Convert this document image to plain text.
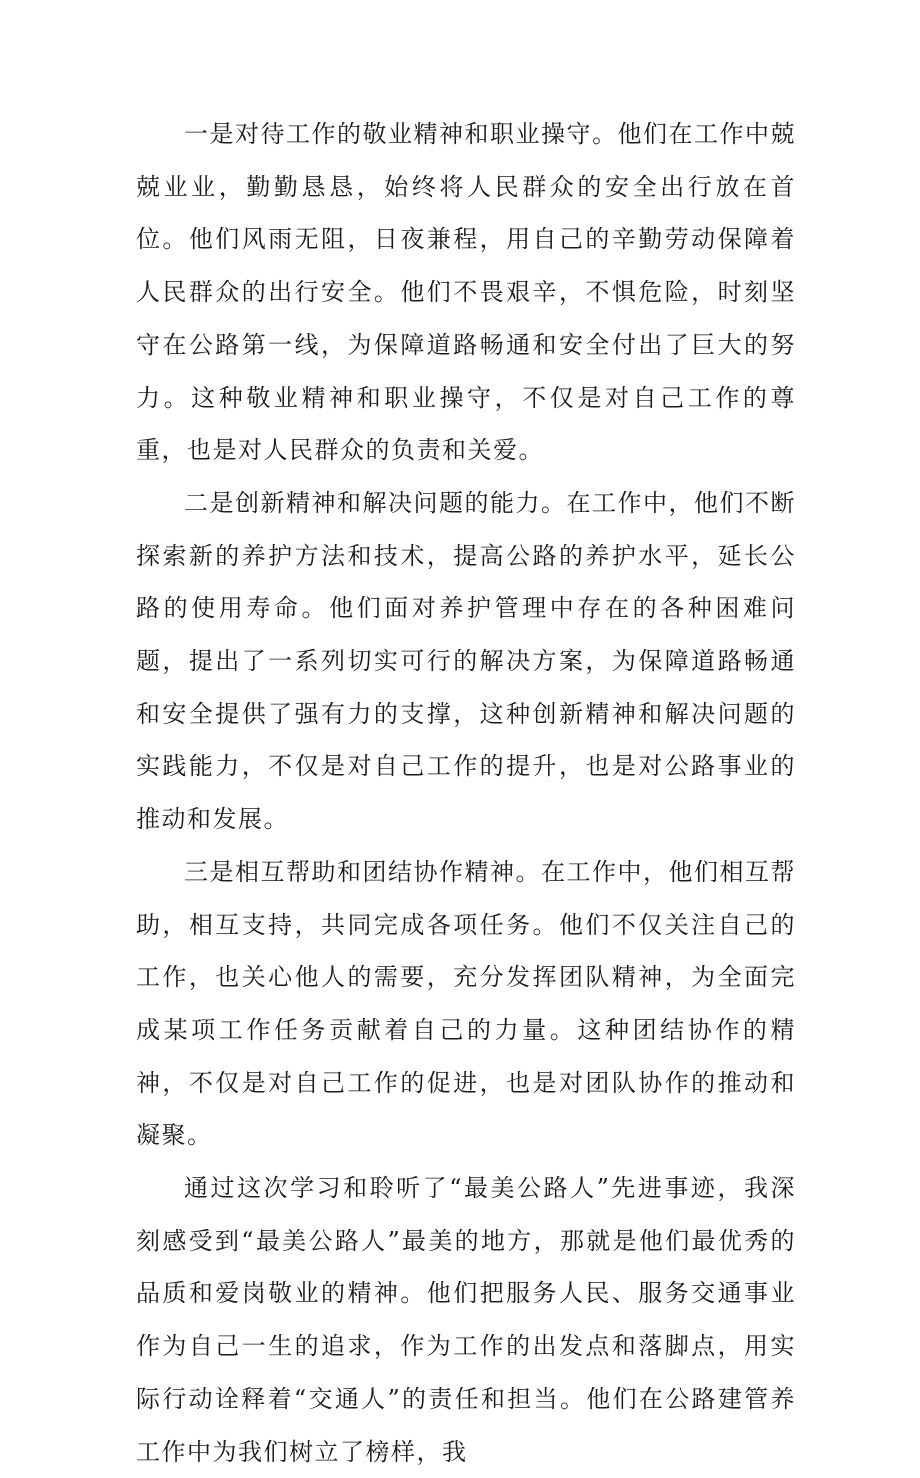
一是对待工作的敬业精神和职业操守。他们在工作中兢兢业业，勤勤恳恳，始终将人民群众的安全出行放在首位。他们风雨无阻，日夜兼程，用自己的辛勤劳动保障着人民群众的出行安全。他们不畏艰辛，不惧危险，时刻坚守在公路第一线，为保障道路畅通和安全付出了巨大的努力。这种敬业精神和职业操守，不仅是对自己工作的尊重，也是对人民群众的负责和关爱。

二是创新精神和解决问题的能力。在工作中，他们不断探索新的养护方法和技术，提高公路的养护水平，延长公路的使用寿命。他们面对养护管理中存在的各种困难问题，提出了一系列切实可行的解决方案，为保障道路畅通和安全提供了强有力的支撑，这种创新精神和解决问题的实践能力，不仅是对自己工作的提升，也是对公路事业的推动和发展。

三是相互帮助和团结协作精神。在工作中，他们相互帮助，相互支持，共同完成各项任务。他们不仅关注自己的工作，也关心他人的需要，充分发挥团队精神，为全面完成某项工作任务贡献着自己的力量。这种团结协作的精神，不仅是对自己工作的促进，也是对团队协作的推动和凝聚。

通过这次学习和聆听了“最美公路人”先进事迹，我深刻感受到“最美公路人”最美的地方，那就是他们最优秀的品质和爱岗敬业的精神。他们把服务人民、服务交通事业作为自己一生的追求，作为工作的出发点和落脚点，用实际行动诠释着“交通人”的责任和担当。他们在公路建管养工作中为我们树立了榜样，我
